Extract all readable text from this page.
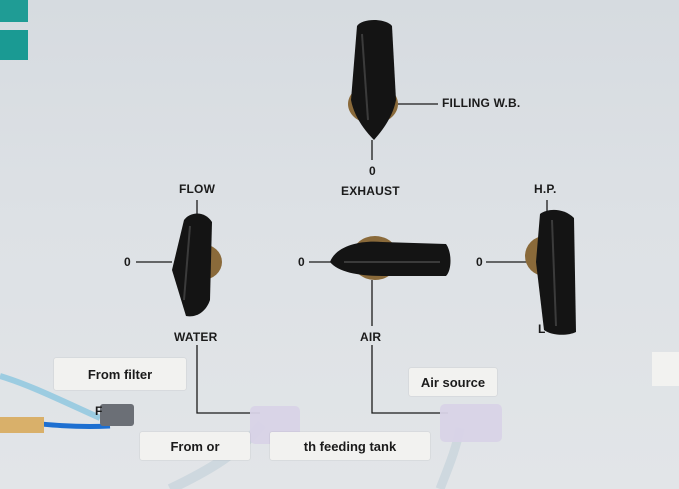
FILLING W.B.
EXHAUST
FLOW	H.P.
WATER	AIR
L
0
0	0	0
F
From filter
Air source
From or	th feeding tank
